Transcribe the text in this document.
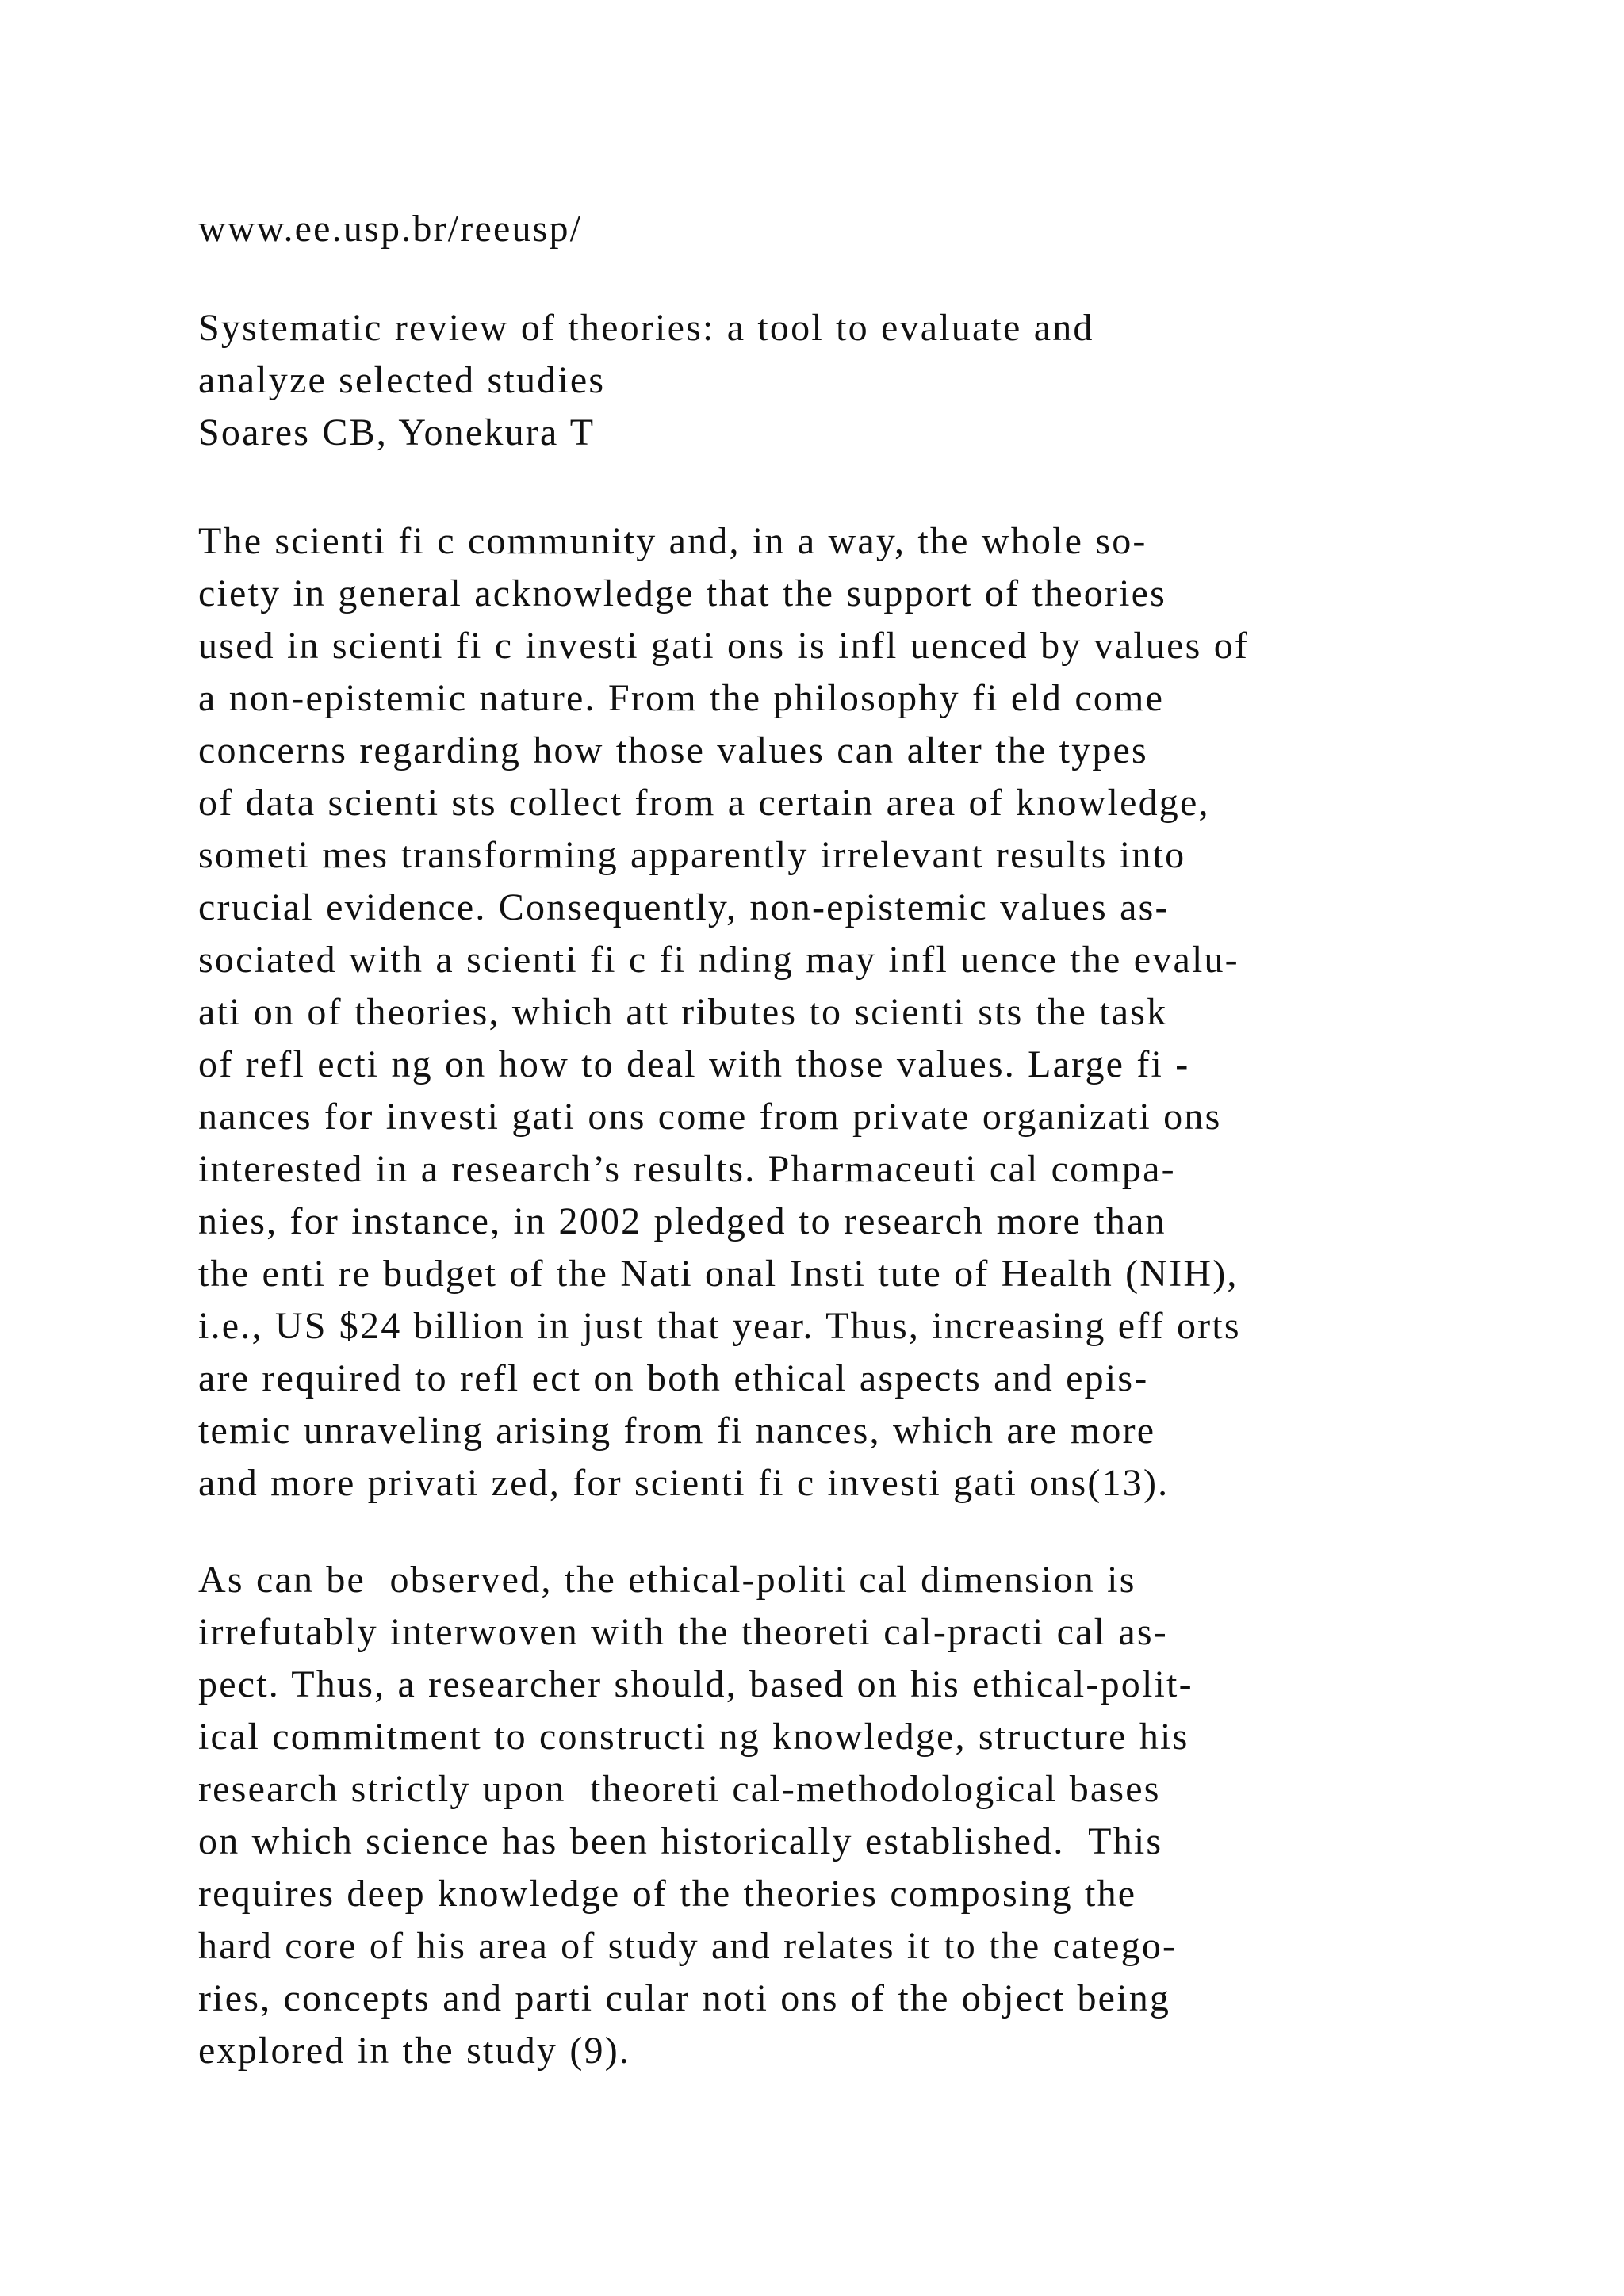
www.ee.usp.br/reeusp/
Systematic review of theories: a tool to evaluate and
analyze selected studies
Soares CB, Yonekura T
The scienti fi c community and, in a way, the whole so-
ciety in general acknowledge that the support of theories
used in scienti fi c investi gati ons is infl uenced by values of
a non-epistemic nature. From the philosophy fi eld come
concerns regarding how those values can alter the types
of data scienti sts collect from a certain area of knowledge,
someti mes transforming apparently irrelevant results into
crucial evidence. Consequently, non-epistemic values as-
sociated with a scienti fi c fi nding may infl uence the evalu-
ati on of theories, which att ributes to scienti sts the task
of refl ecti ng on how to deal with those values. Large fi -
nances for investi gati ons come from private organizati ons
interested in a research’s results. Pharmaceuti cal compa-
nies, for instance, in 2002 pledged to research more than
the enti re budget of the Nati onal Insti tute of Health (NIH),
i.e., US $24 billion in just that year. Thus, increasing eff orts
are required to refl ect on both ethical aspects and epis-
temic unraveling arising from fi nances, which are more
and more privati zed, for scienti fi c investi gati ons(13).
As can be  observed, the ethical-politi cal dimension is
irrefutably interwoven with the theoreti cal-practi cal as-
pect. Thus, a researcher should, based on his ethical-polit-
ical commitment to constructi ng knowledge, structure his
research strictly upon  theoreti cal-methodological bases
on which science has been historically established.  This
requires deep knowledge of the theories composing the
hard core of his area of study and relates it to the catego-
ries, concepts and parti cular noti ons of the object being
explored in the study (9).
